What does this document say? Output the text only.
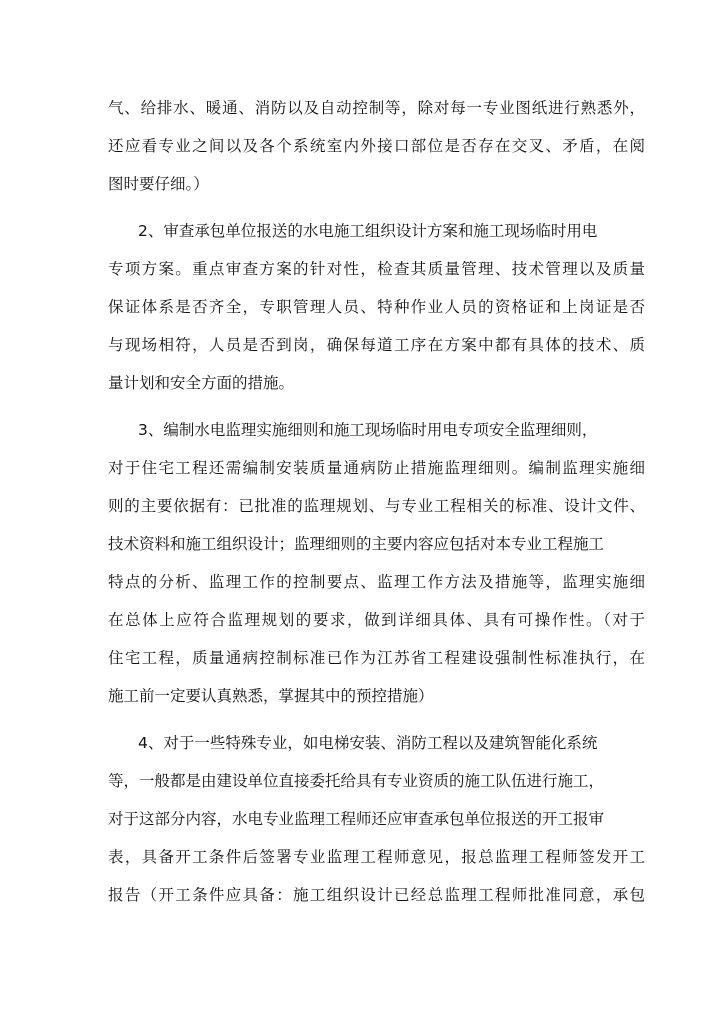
气、给排水、暖通、消防以及自动控制等，除对每一专业图纸进行熟悉外，
还应看专业之间以及各个系统室内外接口部位是否存在交叉、矛盾，在阅
图时要仔细。）
2、审查承包单位报送的水电施工组织设计方案和施工现场临时用电
专项方案。重点审查方案的针对性，检查其质量管理、技术管理以及质量
保证体系是否齐全，专职管理人员、特种作业人员的资格证和上岗证是否
与现场相符，人员是否到岗，确保每道工序在方案中都有具体的技术、质
量计划和安全方面的措施。
3、编制水电监理实施细则和施工现场临时用电专项安全监理细则，
对于住宅工程还需编制安装质量通病防止措施监理细则。编制监理实施细
则的主要依据有：已批准的监理规划、与专业工程相关的标准、设计文件、
技术资料和施工组织设计；监理细则的主要内容应包括对本专业工程施工
特点的分析、监理工作的控制要点、监理工作方法及措施等，监理实施细
在总体上应符合监理规划的要求，做到详细具体、具有可操作性。（对于
住宅工程，质量通病控制标准已作为江苏省工程建设强制性标准执行，在
施工前一定要认真熟悉，掌握其中的预控措施）
4、对于一些特殊专业，如电梯安装、消防工程以及建筑智能化系统
等，一般都是由建设单位直接委托给具有专业资质的施工队伍进行施工，
对于这部分内容，水电专业监理工程师还应审查承包单位报送的开工报审
表，具备开工条件后签署专业监理工程师意见，报总监理工程师签发开工
报告（开工条件应具备：施工组织设计已经总监理工程师批准同意，承包
